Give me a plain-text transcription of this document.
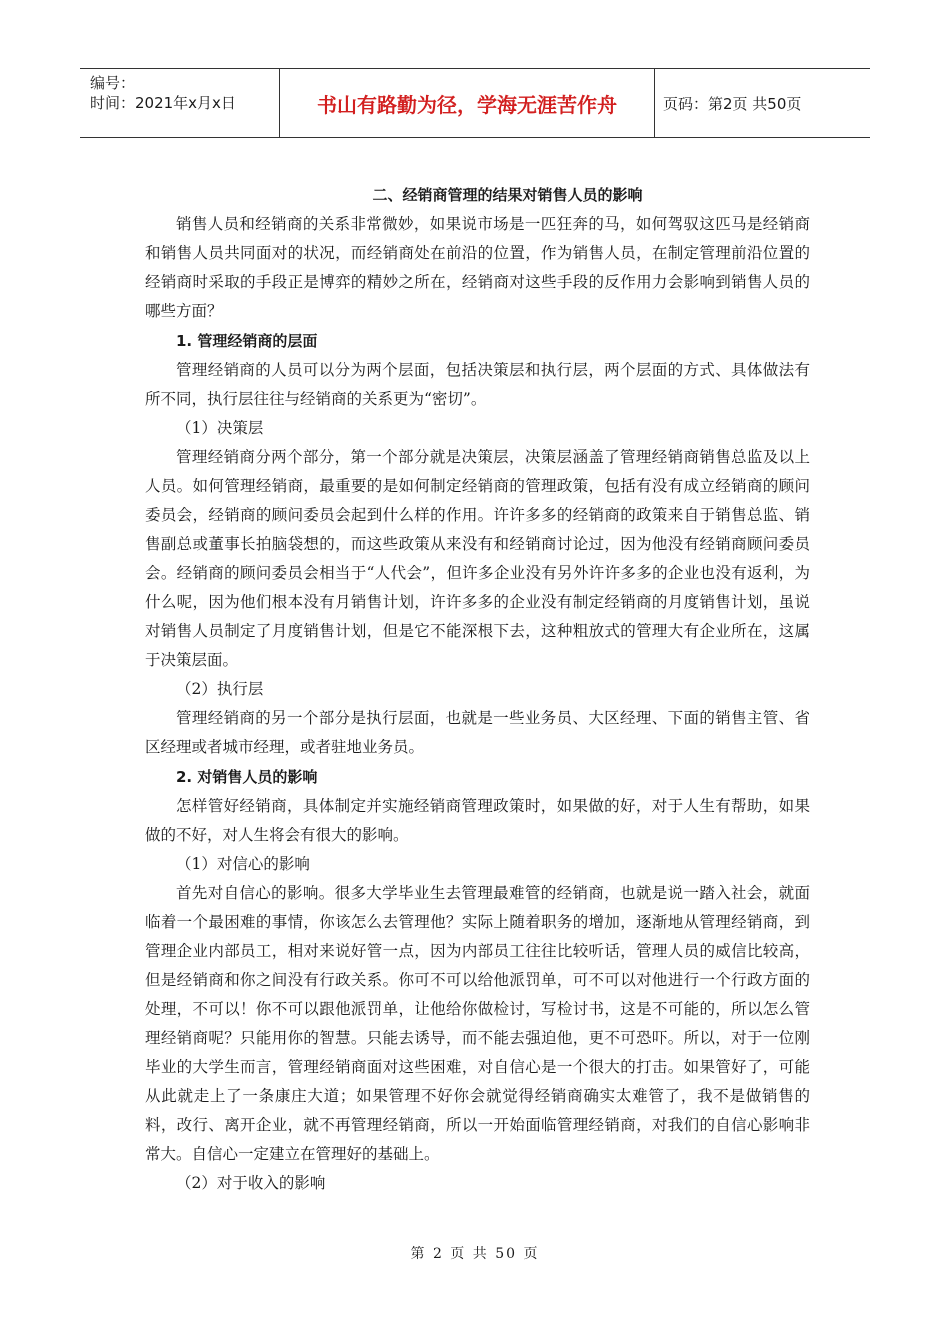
编号：
时间：2021年x月x日	书山有路勤为径，学海无涯苦作舟	页码：第2页 共50页
二、经销商管理的结果对销售人员的影响

销售人员和经销商的关系非常微妙，如果说市场是一匹狂奔的马，如何驾驭这匹马是经销商和销售人员共同面对的状况，而经销商处在前沿的位置，作为销售人员，在制定管理前沿位置的经销商时采取的手段正是博弈的精妙之所在，经销商对这些手段的反作用力会影响到销售人员的哪些方面？

1. 管理经销商的层面

管理经销商的人员可以分为两个层面，包括决策层和执行层，两个层面的方式、具体做法有所不同，执行层往往与经销商的关系更为“密切”。

（1）决策层

管理经销商分两个部分，第一个部分就是决策层，决策层涵盖了管理经销商销售总监及以上人员。如何管理经销商，最重要的是如何制定经销商的管理政策，包括有没有成立经销商的顾问委员会，经销商的顾问委员会起到什么样的作用。许许多多的经销商的政策来自于销售总监、销售副总或董事长拍脑袋想的，而这些政策从来没有和经销商讨论过，因为他没有经销商顾问委员会。经销商的顾问委员会相当于“人代会”，但许多企业没有另外许许多多的企业也没有返利，为什么呢，因为他们根本没有月销售计划，许许多多的企业没有制定经销商的月度销售计划，虽说对销售人员制定了月度销售计划，但是它不能深根下去，这种粗放式的管理大有企业所在，这属于决策层面。

（2）执行层

管理经销商的另一个部分是执行层面，也就是一些业务员、大区经理、下面的销售主管、省区经理或者城市经理，或者驻地业务员。

2. 对销售人员的影响

怎样管好经销商，具体制定并实施经销商管理政策时，如果做的好，对于人生有帮助，如果做的不好，对人生将会有很大的影响。

（1）对信心的影响

首先对自信心的影响。很多大学毕业生去管理最难管的经销商，也就是说一踏入社会，就面临着一个最困难的事情，你该怎么去管理他？实际上随着职务的增加，逐渐地从管理经销商，到管理企业内部员工，相对来说好管一点，因为内部员工往往比较听话，管理人员的威信比较高，但是经销商和你之间没有行政关系。你可不可以给他派罚单，可不可以对他进行一个行政方面的处理，不可以！你不可以跟他派罚单，让他给你做检讨，写检讨书，这是不可能的，所以怎么管理经销商呢？只能用你的智慧。只能去诱导，而不能去强迫他，更不可恐吓。所以，对于一位刚毕业的大学生而言，管理经销商面对这些困难，对自信心是一个很大的打击。如果管好了，可能从此就走上了一条康庄大道；如果管理不好你会就觉得经销商确实太难管了，我不是做销售的料，改行、离开企业，就不再管理经销商，所以一开始面临管理经销商，对我们的自信心影响非常大。自信心一定建立在管理好的基础上。

（2）对于收入的影响

第 2 页 共 50 页
